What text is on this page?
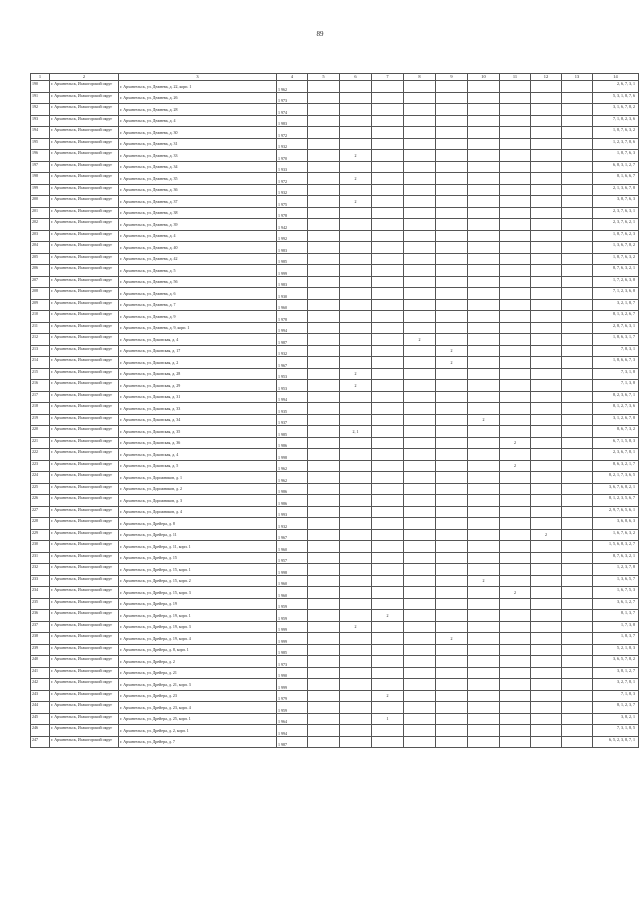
89
1	2	3	4	5	6	7	8	9	10	11	12	13	14
190	г. Архангельск, Исакогорский округ	г. Архангельск, ул. Дежнева, д. 22, корп. 1	1 962										2, 6, 7, 3, 1
191	г. Архангельск, Исакогорский округ	г. Архангельск, ул. Дежнева, д. 26	1 973										5, 3, 1, 8, 7, 6
192	г. Архангельск, Исакогорский округ	г. Архангельск, ул. Дежнева, д. 28	1 974										3, 1, 6, 7, 8, 2
193	г. Архангельск, Исакогорский округ	г. Архангельск, ул. Дежнева, д. 4	1 983										7, 1, 8, 2, 3, 6
194	г. Архангельск, Исакогорский округ	г. Архангельск, ул. Дежнева, д. 30	1 972										1, 8, 7, 6, 3, 2
195	г. Архангельск, Исакогорский округ	г. Архангельск, ул. Дежнева, д. 31	1 932										1, 2, 3, 7, 8, 6
196	г. Архангельск, Исакогорский округ	г. Архангельск, ул. Дежнева, д. 33	1 970		2								1, 8, 7, 6, 3
197	г. Архангельск, Исакогорский округ	г. Архангельск, ул. Дежнева, д. 34	1 933										6, 8, 3, 1, 2, 7
198	г. Архангельск, Исакогорский округ	г. Архангельск, ул. Дежнева, д. 35	1 972		2								8, 1, 6, 6, 7
199	г. Архангельск, Исакогорский округ	г. Архангельск, ул. Дежнева, д. 36	1 932										2, 1, 3, 6, 7, 8
200	г. Архангельск, Исакогорский округ	г. Архангельск, ул. Дежнева, д. 37	1 975		2								3, 8, 7, 6, 3
201	г. Архангельск, Исакогорский округ	г. Архангельск, ул. Дежнева, д. 38	1 978										2, 3, 7, 6, 3, 1
202	г. Архангельск, Исакогорский округ	г. Архангельск, ул. Дежнева, д. 39	1 942										2, 3, 7, 6, 2, 1
203	г. Архангельск, Исакогорский округ	г. Архангельск, ул. Дежнева, д. 4	1 992										1, 8, 7, 6, 2, 3
204	г. Архангельск, Исакогорский округ	г. Архангельск, ул. Дежнева, д. 40	1 983										1, 3, 6, 7, 8, 2
205	г. Архангельск, Исакогорский округ	г. Архангельск, ул. Дежнева, д. 42	1 985										1, 8, 7, 6, 3, 2
206	г. Архангельск, Исакогорский округ	г. Архангельск, ул. Дежнева, д. 5	1 999										8, 7, 6, 3, 2, 1
207	г. Архангельск, Исакогорский округ	г. Архангельск, ул. Дежнева, д. 56	1 983										1, 7, 2, 6, 3, 8
208	г. Архангельск, Исакогорский округ	г. Архангельск, ул. Дежнева, д. 6	1 930										7, 1, 2, 3, 6, 8
209	г. Архангельск, Исакогорский округ	г. Архангельск, ул. Дежнева, д. 7	1 960										3, 2, 1, 8, 7
210	г. Архангельск, Исакогорский округ	г. Архангельск, ул. Дежнева, д. 9	1 978										8, 1, 3, 2, 6, 7
211	г. Архангельск, Исакогорский округ	г. Архангельск, ул. Дежнева, д. 9, корп. 1	1 994										2, 8, 7, 6, 3, 1
212	г. Архангельск, Исакогорский округ	г. Архангельск, ул. Доковская, д. 4	1 987				2						1, 8, 6, 3, 1, 7
213	г. Архангельск, Исакогорский округ	г. Архангельск, ул. Доковская, д. 17	1 932					2					7, 8, 3, 1
214	г. Архангельск, Исакогорский округ	г. Архангельск, ул. Доковская, д. 2	1 967					2					1, 8, 6, 6, 7, 3
215	г. Архангельск, Исакогорский округ	г. Архангельск, ул. Доковская, д. 28	1 953		2								7, 3, 1, 8
216	г. Архангельск, Исакогорский округ	г. Архангельск, ул. Доковская, д. 29	1 953		2								7, 1, 3, 8
217	г. Архангельск, Исакогорский округ	г. Архангельск, ул. Доковская, д. 31	1 994										8, 2, 3, 6, 7, 1
218	г. Архангельск, Исакогорский округ	г. Архангельск, ул. Доковская, д. 33	1 935										8, 1, 2, 7, 3, 6
219	г. Архангельск, Исакогорский округ	г. Архангельск, ул. Доковская, д. 34	1 937						2				3, 1, 2, 6, 7, 8
220	г. Архангельск, Исакогорский округ	г. Архангельск, ул. Доковская, д. 35	1 985		2, 1								8, 6, 7, 3, 2
221	г. Архангельск, Исакогорский округ	г. Архангельск, ул. Доковская, д. 36	1 986							2			6, 7, 1, 5, 8, 3
222	г. Архангельск, Исакогорский округ	г. Архангельск, ул. Доковская, д. 4	1 998										2, 3, 6, 7, 8, 1
223	г. Архангельск, Исакогорский округ	г. Архангельск, ул. Доковская, д. 5	1 962							2			8, 6, 3, 2, 1, 7
224	г. Архангельск, Исакогорский округ	г. Архангельск, ул. Дорожников, д. 1	1 962										8, 2, 1, 7, 3, 6, 5
225	г. Архангельск, Исакогорский округ	г. Архангельск, ул. Дорожников, д. 2	1 986										3, 6, 7, 6, 8, 2, 1
226	г. Архангельск, Исакогорский округ	г. Архангельск, ул. Дорожников, д. 3	1 986										8, 1, 2, 3, 5, 6, 7
227	г. Архангельск, Исакогорский округ	г. Архангельск, ул. Дорожников, д. 4	1 993										2, 9, 7, 6, 5, 6, 1
228	г. Архангельск, Исакогорский округ	г. Архангельск, ул. Дрейера, д. 8	1 932										3, 6, 8, 6, 3
229	г. Архангельск, Исакогорский округ	г. Архангельск, ул. Дрейера, д. 11	1 967								2		1, 6, 7, 6, 3, 2
230	г. Архангельск, Исакогорский округ	г. Архангельск, ул. Дрейера, д. 11, корп. 1	1 960										1, 5, 6, 8, 3, 2, 7
231	г. Архангельск, Исакогорский округ	г. Архангельск, ул. Дрейера, д. 15	1 957										8, 7, 6, 3, 2, 1
232	г. Архангельск, Исакогорский округ	г. Архангельск, ул. Дрейера, д. 15, корп. 1	1 998										1, 2, 3, 7, 8
233	г. Архангельск, Исакогорский округ	г. Архангельск, ул. Дрейера, д. 15, корп. 2	1 960						2				1, 3, 6, 5, 7
234	г. Архангельск, Исакогорский округ	г. Архангельск, ул. Дрейера, д. 15, корп. 3	1 960							2			1, 6, 7, 5, 3
235	г. Архангельск, Исакогорский округ	г. Архангельск, ул. Дрейера, д. 19	1 959										3, 6, 1, 2, 7
236	г. Архангельск, Исакогорский округ	г. Архангельск, ул. Дрейера, д. 19, корп. 1	1 959			2							8, 1, 3, 7
237	г. Архангельск, Исакогорский округ	г. Архангельск, ул. Дрейера, д. 19, корп. 3	1 999		2								1, 7, 3, 8
238	г. Архангельск, Исакогорский округ	г. Архангельск, ул. Дрейера, д. 19, корп. 4	1 999					2					1, 8, 3, 7
239	г. Архангельск, Исакогорский округ	г. Архангельск, ул. Дрейера, д. 8, корп. 1	1 985										5, 2, 1, 8, 3
240	г. Архангельск, Исакогорский округ	г. Архангельск, ул. Дрейера, д. 2	1 973										3, 6, 5, 7, 8, 2
241	г. Архангельск, Исакогорский округ	г. Архангельск, ул. Дрейера, д. 21	1 990										3, 8, 1, 2, 7
242	г. Архангельск, Исакогорский округ	г. Архангельск, ул. Дрейера, д. 21, корп. 3	1 999										3, 2, 7, 8, 1
243	г. Архангельск, Исакогорский округ	г. Архангельск, ул. Дрейера, д. 23	1 979			2							7, 1, 8, 3
244	г. Архангельск, Исакогорский округ	г. Архангельск, ул. Дрейера, д. 23, корп. 4	1 959										8, 1, 2, 3, 7
245	г. Архангельск, Исакогорский округ	г. Архангельск, ул. Дрейера, д. 25, корп. 1	1 964			1							3, 8, 2, 1
246	г. Архангельск, Исакогорский округ	г. Архангельск, ул. Дрейера, д. 2, корп. 1	1 994										7, 3, 1, 8, 5
247	г. Архангельск, Исакогорский округ	г. Архангельск, ул. Дрейера, д. 7	1 987										6, 5, 2, 3, 8, 7, 1
